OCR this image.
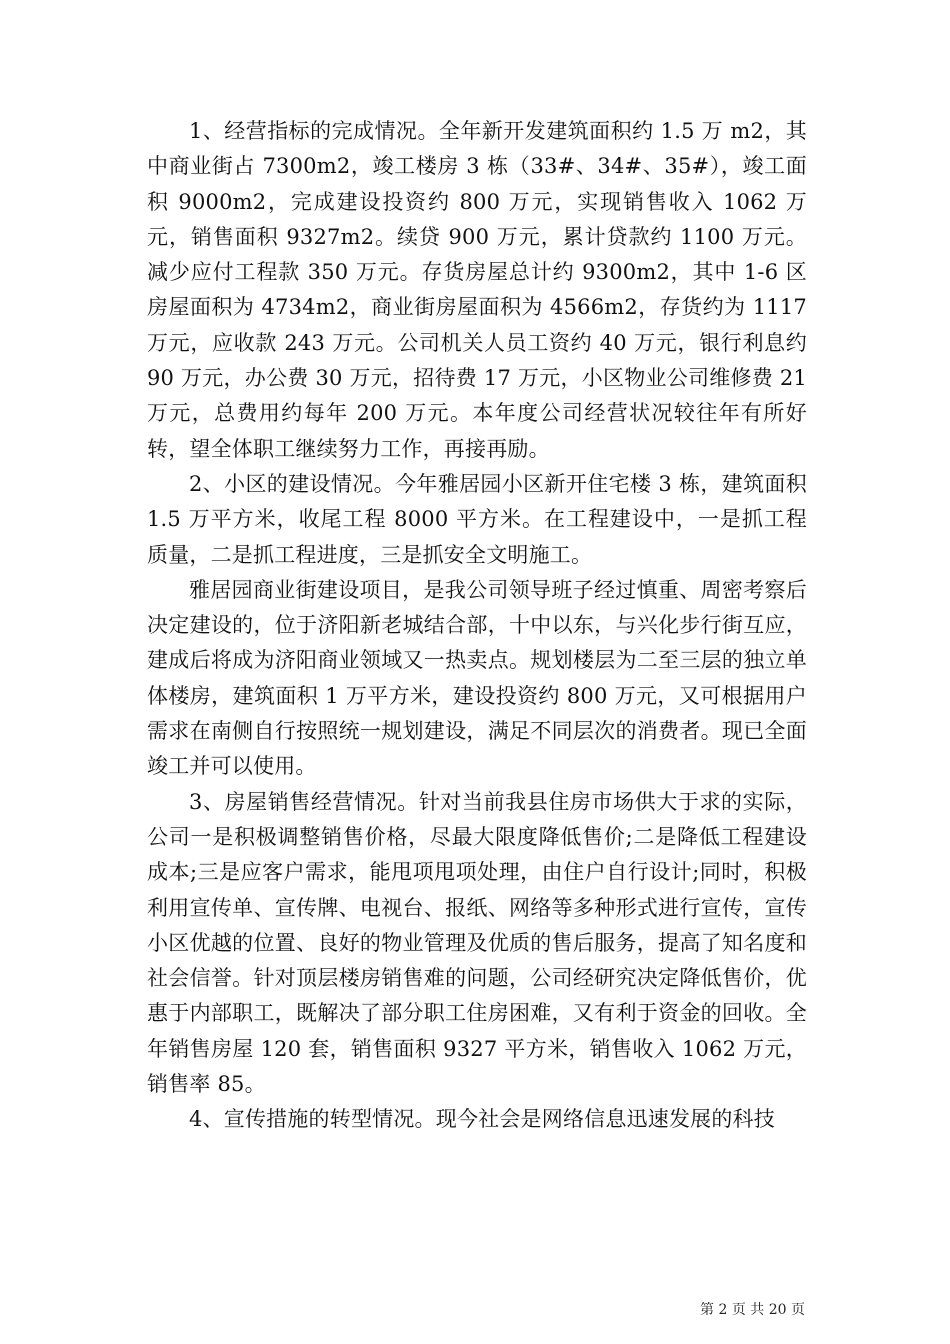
1、经营指标的完成情况。全年新开发建筑面积约 1.5 万 m2，其中商业街占 7300m2，竣工楼房 3 栋（33#、34#、35#），竣工面积 9000m2，完成建设投资约 800 万元，实现销售收入 1062 万元，销售面积 9327m2。续贷 900 万元，累计贷款约 1100 万元。减少应付工程款 350 万元。存货房屋总计约 9300m2，其中 1-6 区房屋面积为 4734m2，商业街房屋面积为 4566m2，存货约为 1117 万元，应收款 243 万元。公司机关人员工资约 40 万元，银行利息约 90 万元，办公费 30 万元，招待费 17 万元，小区物业公司维修费 21 万元，总费用约每年 200 万元。本年度公司经营状况较往年有所好转，望全体职工继续努力工作，再接再励。

2、小区的建设情况。今年雅居园小区新开住宅楼 3 栋，建筑面积 1.5 万平方米，收尾工程 8000 平方米。在工程建设中，一是抓工程质量，二是抓工程进度，三是抓安全文明施工。

雅居园商业街建设项目，是我公司领导班子经过慎重、周密考察后决定建设的，位于济阳新老城结合部，十中以东，与兴化步行街互应，建成后将成为济阳商业领域又一热卖点。规划楼层为二至三层的独立单体楼房，建筑面积 1 万平方米，建设投资约 800 万元，又可根据用户需求在南侧自行按照统一规划建设，满足不同层次的消费者。现已全面竣工并可以使用。

3、房屋销售经营情况。针对当前我县住房市场供大于求的实际，公司一是积极调整销售价格，尽最大限度降低售价;二是降低工程建设成本;三是应客户需求，能甩项甩项处理，由住户自行设计;同时，积极利用宣传单、宣传牌、电视台、报纸、网络等多种形式进行宣传，宣传小区优越的位置、良好的物业管理及优质的售后服务，提高了知名度和社会信誉。针对顶层楼房销售难的问题，公司经研究决定降低售价，优惠于内部职工，既解决了部分职工住房困难，又有利于资金的回收。全年销售房屋 120 套，销售面积 9327 平方米，销售收入 1062 万元，销售率 85。

4、宣传措施的转型情况。现今社会是网络信息迅速发展的科技

第 2 页 共 20 页
